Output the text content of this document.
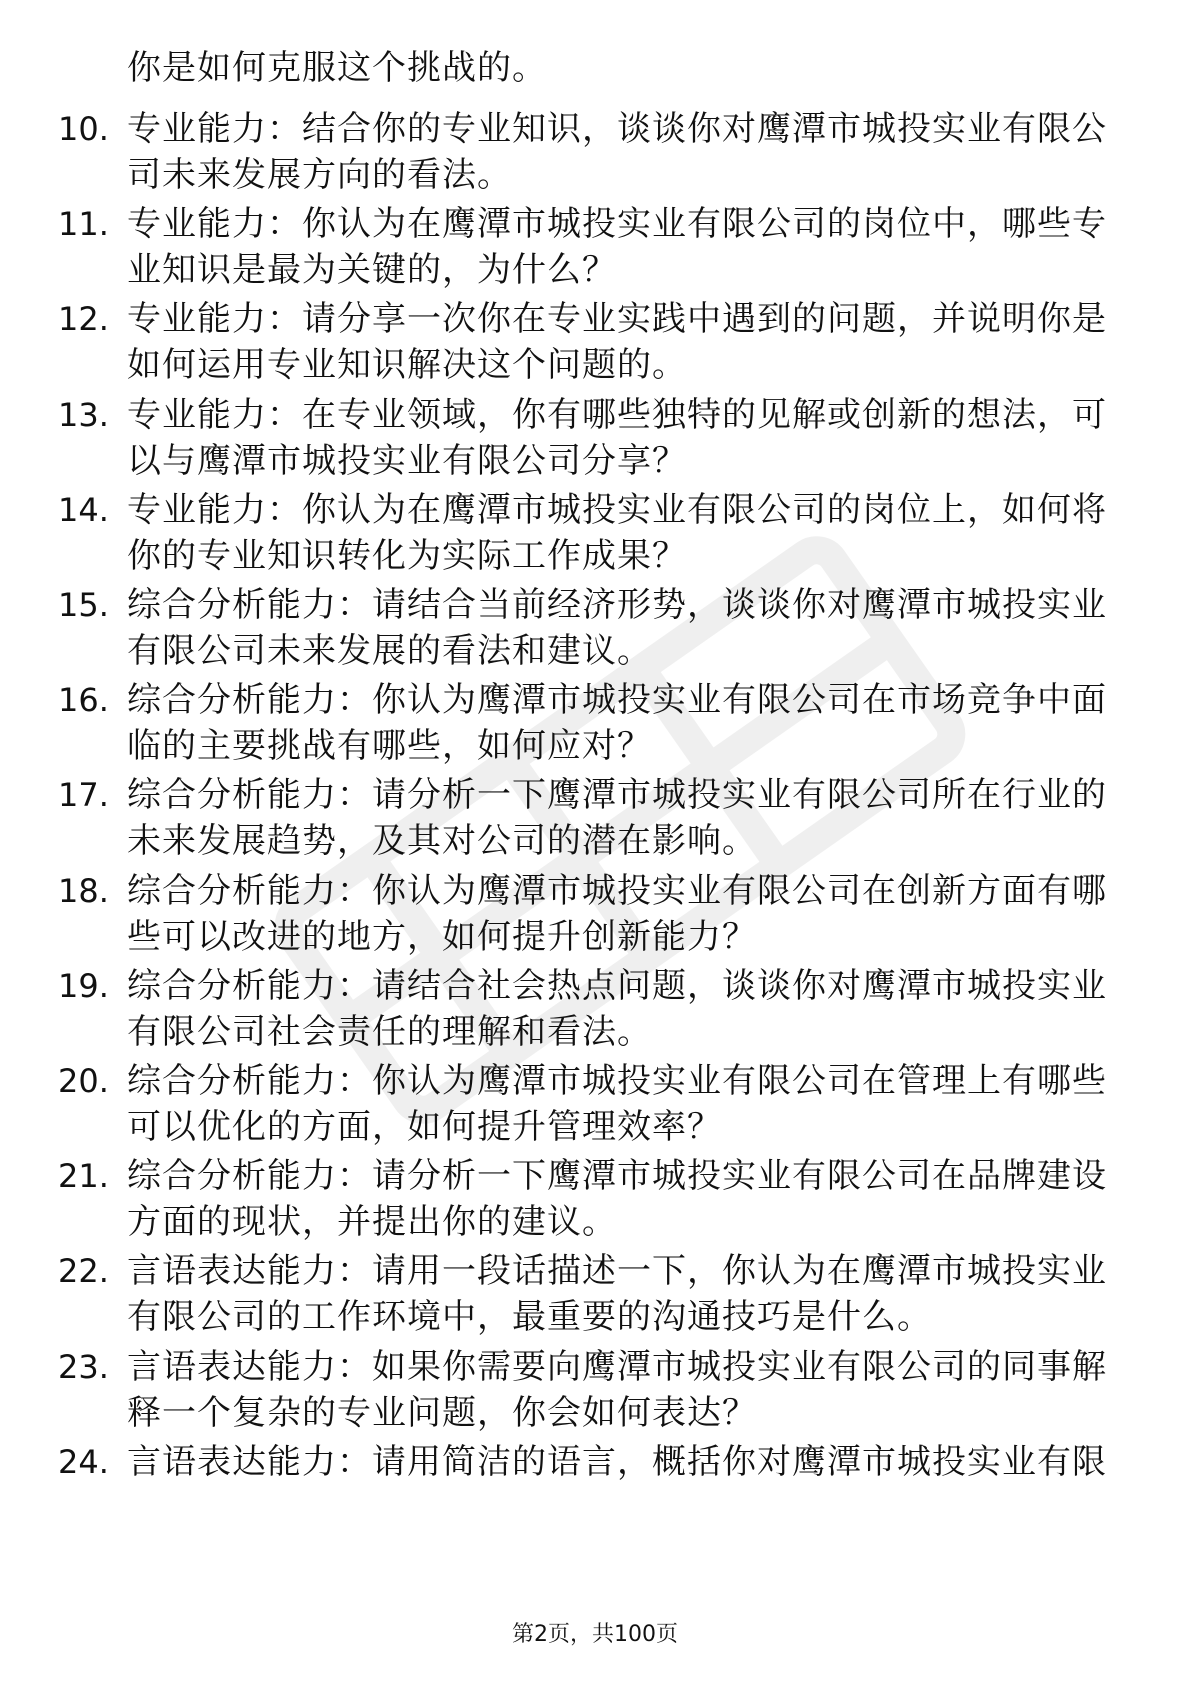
你是如何克服这个挑战的。
10. 专业能力：结合你的专业知识，谈谈你对鹰潭市城投实业有限公
司未来发展方向的看法。
11. 专业能力：你认为在鹰潭市城投实业有限公司的岗位中，哪些专
业知识是最为关键的，为什么？
12. 专业能力：请分享一次你在专业实践中遇到的问题，并说明你是
如何运用专业知识解决这个问题的。
13. 专业能力：在专业领域，你有哪些独特的见解或创新的想法，可
以与鹰潭市城投实业有限公司分享？
14. 专业能力：你认为在鹰潭市城投实业有限公司的岗位上，如何将
你的专业知识转化为实际工作成果？
15. 综合分析能力：请结合当前经济形势，谈谈你对鹰潭市城投实业
有限公司未来发展的看法和建议。
16. 综合分析能力：你认为鹰潭市城投实业有限公司在市场竞争中面
临的主要挑战有哪些，如何应对？
17. 综合分析能力：请分析一下鹰潭市城投实业有限公司所在行业的
未来发展趋势，及其对公司的潜在影响。
18. 综合分析能力：你认为鹰潭市城投实业有限公司在创新方面有哪
些可以改进的地方，如何提升创新能力？
19. 综合分析能力：请结合社会热点问题，谈谈你对鹰潭市城投实业
有限公司社会责任的理解和看法。
20. 综合分析能力：你认为鹰潭市城投实业有限公司在管理上有哪些
可以优化的方面，如何提升管理效率？
21. 综合分析能力：请分析一下鹰潭市城投实业有限公司在品牌建设
方面的现状，并提出你的建议。
22. 言语表达能力：请用一段话描述一下，你认为在鹰潭市城投实业
有限公司的工作环境中，最重要的沟通技巧是什么。
23. 言语表达能力：如果你需要向鹰潭市城投实业有限公司的同事解
释一个复杂的专业问题，你会如何表达？
24. 言语表达能力：请用简洁的语言，概括你对鹰潭市城投实业有限
第2页，共100页
